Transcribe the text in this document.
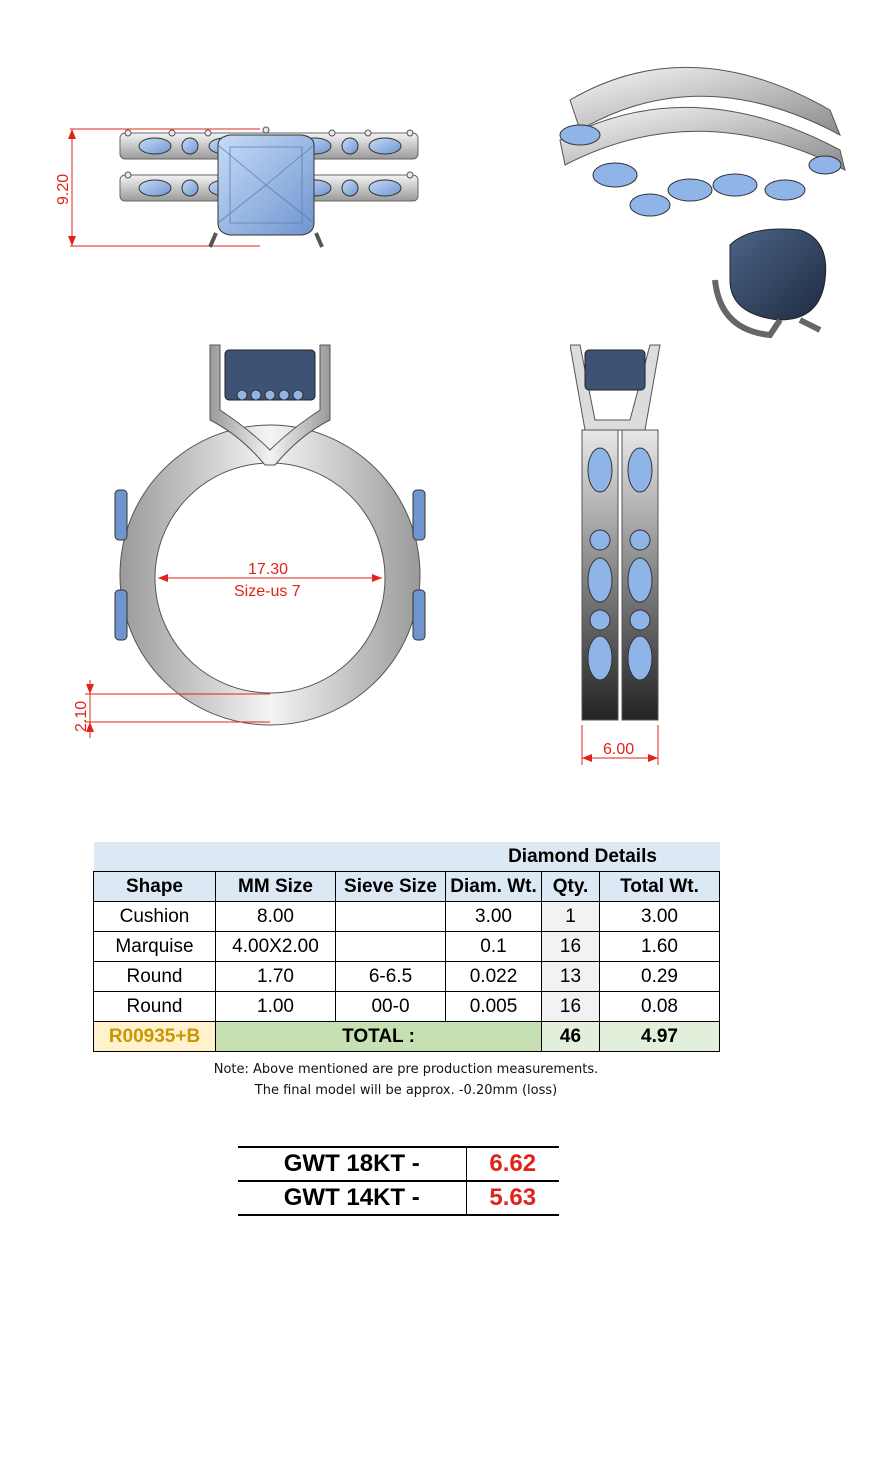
9.20
17.30
Size-us 7
2.10
6.00
			Diamond Details		
Shape	MM Size	Sieve Size	Diam. Wt.	Qty.	Total Wt.
Cushion	8.00		3.00	1	3.00
Marquise	4.00X2.00		0.1	16	1.60
Round	1.70	6-6.5	0.022	13	0.29
Round	1.00	00-0	0.005	16	0.08
R00935+B	TOTAL :			46	4.97
Note: Above mentioned are pre production measurements.
The final model will be approx. -0.20mm (loss)
GWT 18KT -	6.62
GWT 14KT -	5.63
